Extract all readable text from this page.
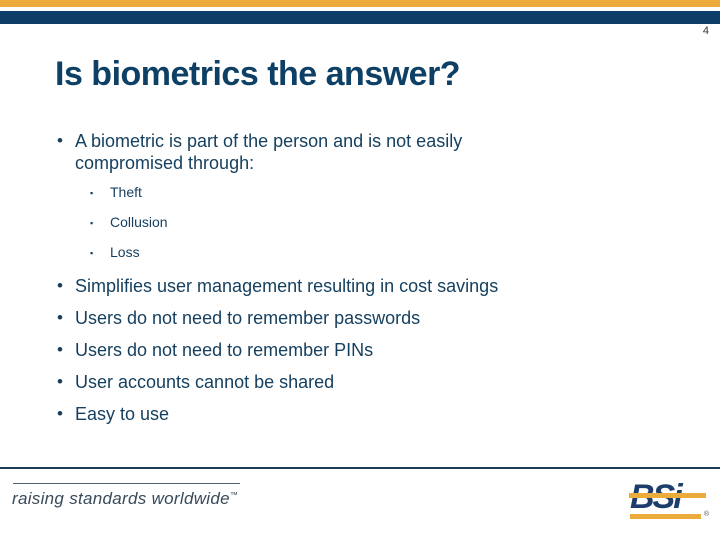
4
Is biometrics the answer?
• A biometric is part of the person and is not easily compromised through:
▪	Theft
▪	Collusion
▪	Loss
• Simplifies user management resulting in cost savings
• Users do not need to remember passwords
• Users do not need to remember PINs
• User accounts cannot be shared
• Easy to use
raising standards worldwide™
®
